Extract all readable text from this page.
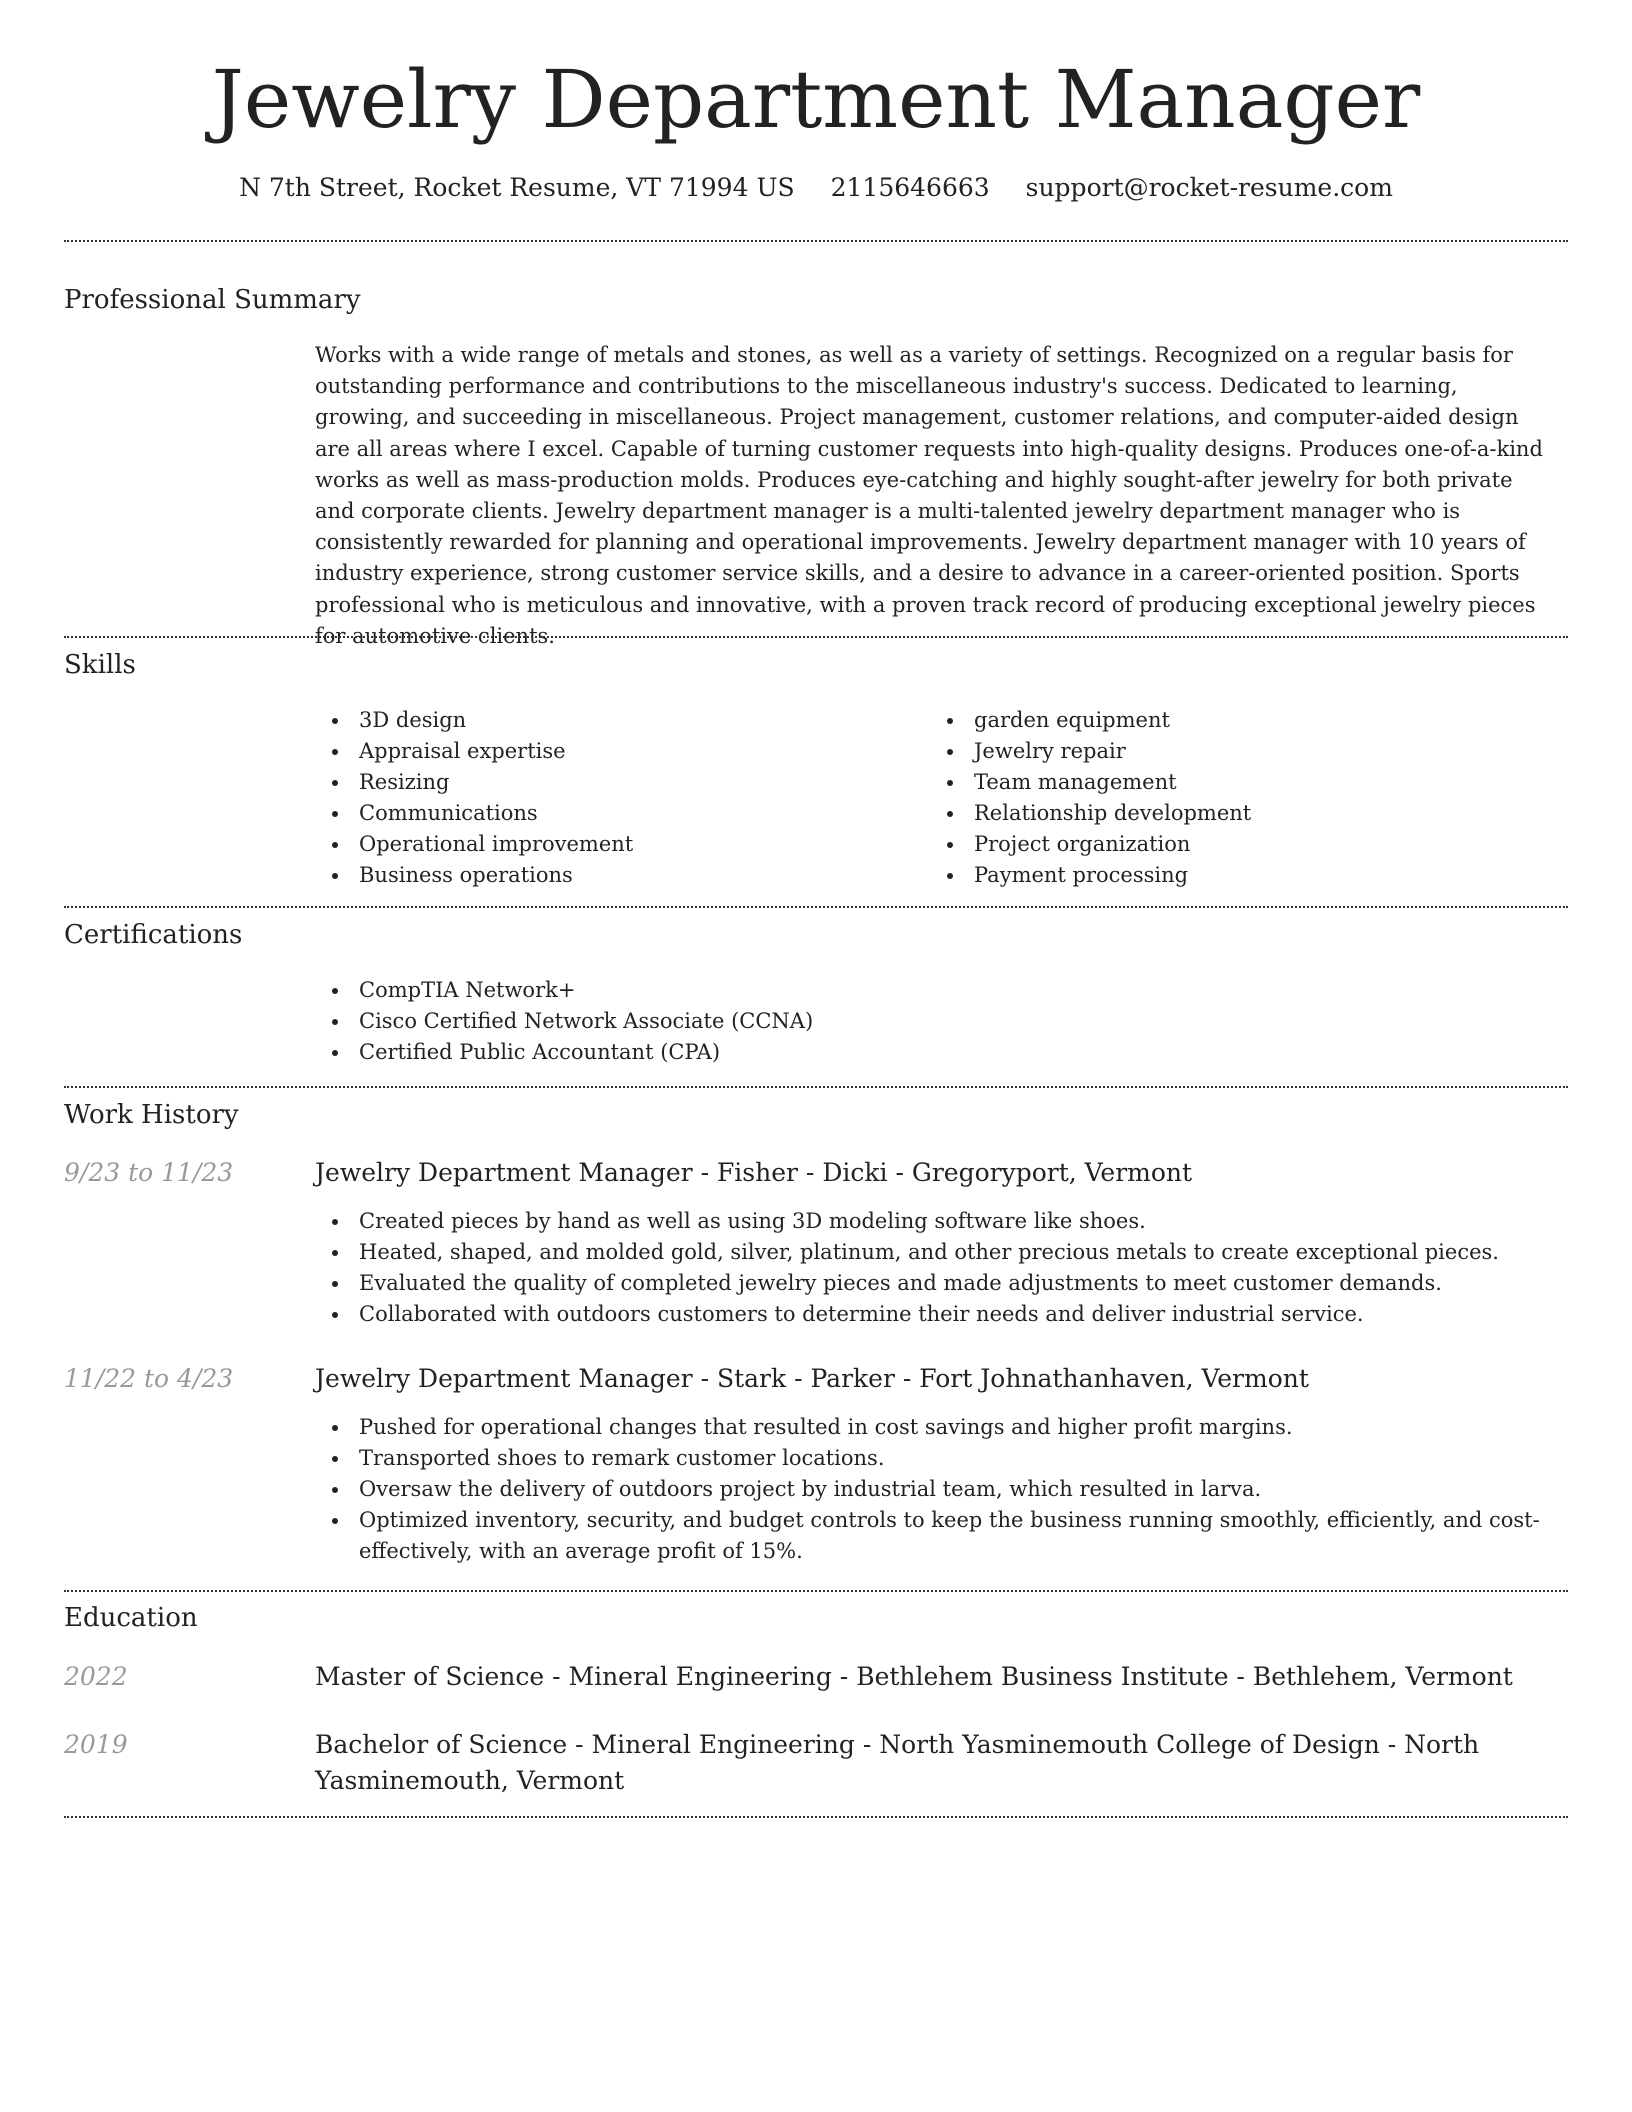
Jewelry Department Manager
N 7th Street, Rocket Resume, VT 71994 US 2115646663 support@rocket-resume.com
Professional Summary

Works with a wide range of metals and stones, as well as a variety of settings. Recognized on a regular basis for outstanding performance and contributions to the miscellaneous industry's success. Dedicated to learning, growing, and succeeding in miscellaneous. Project management, customer relations, and computer-aided design are all areas where I excel. Capable of turning customer requests into high-quality designs. Produces one-of-a-kind works as well as mass-production molds. Produces eye-catching and highly sought-after jewelry for both private and corporate clients. Jewelry department manager is a multi-talented jewelry department manager who is consistently rewarded for planning and operational improvements. Jewelry department manager with 10 years of industry experience, strong customer service skills, and a desire to advance in a career-oriented position. Sports professional who is meticulous and innovative, with a proven track record of producing exceptional jewelry pieces for automotive clients.

Skills
3D design
Appraisal expertise
Resizing
Communications
Operational improvement
Business operations
garden equipment
Jewelry repair
Team management
Relationship development
Project organization
Payment processing
Certifications
CompTIA Network+
Cisco Certified Network Associate (CCNA)
Certified Public Accountant (CPA)
Work History
9/23 to 11/23	Jewelry Department Manager - Fisher - Dicki - Gregoryport, Vermont
Created pieces by hand as well as using 3D modeling software like shoes.
Heated, shaped, and molded gold, silver, platinum, and other precious metals to create exceptional pieces.
Evaluated the quality of completed jewelry pieces and made adjustments to meet customer demands.
Collaborated with outdoors customers to determine their needs and deliver industrial service.
11/22 to 4/23	Jewelry Department Manager - Stark - Parker - Fort Johnathanhaven, Vermont
Pushed for operational changes that resulted in cost savings and higher profit margins.
Transported shoes to remark customer locations.
Oversaw the delivery of outdoors project by industrial team, which resulted in larva.
Optimized inventory, security, and budget controls to keep the business running smoothly, efficiently, and cost-effectively, with an average profit of 15%.
Education
2022	Master of Science - Mineral Engineering - Bethlehem Business Institute - Bethlehem, Vermont
2019	Bachelor of Science - Mineral Engineering - North Yasminemouth College of Design - North Yasminemouth, Vermont
